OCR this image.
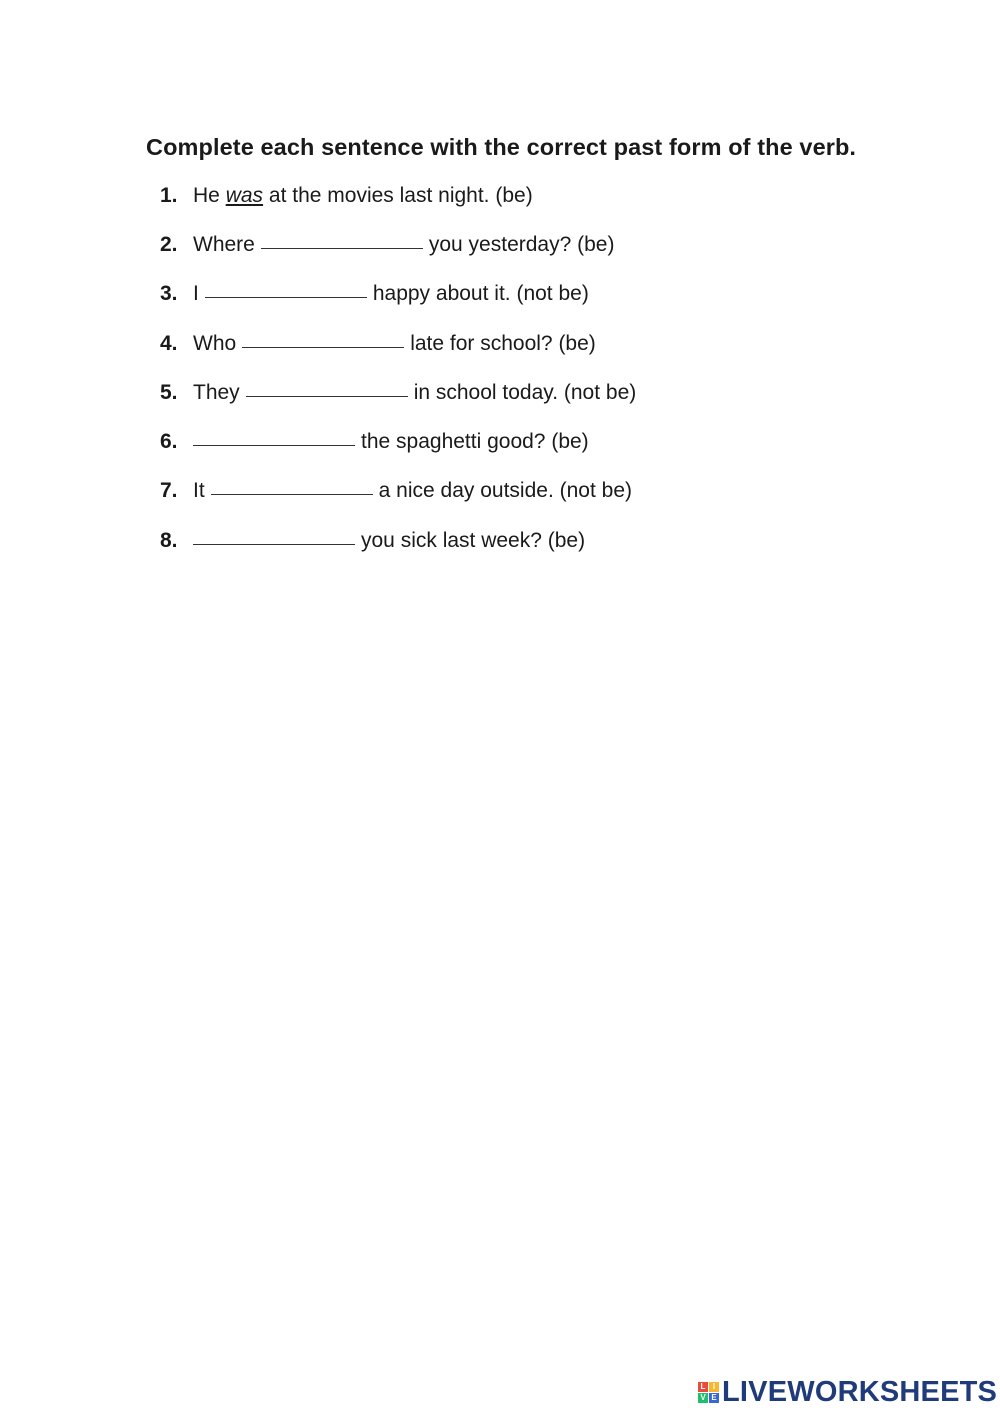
Complete each sentence with the correct past form of the verb.
1. He
was
at the movies last night. (be)
2. Where	you yesterday? (be)
3. I	happy about it. (not be)
4. Who	late for school? (be)
5. They	in school today. (not be)
6.	the spaghetti good? (be)
7. It	a nice day outside. (not be)
8.	you sick last week? (be)
L I
V E LIVEWORKSHEETS
